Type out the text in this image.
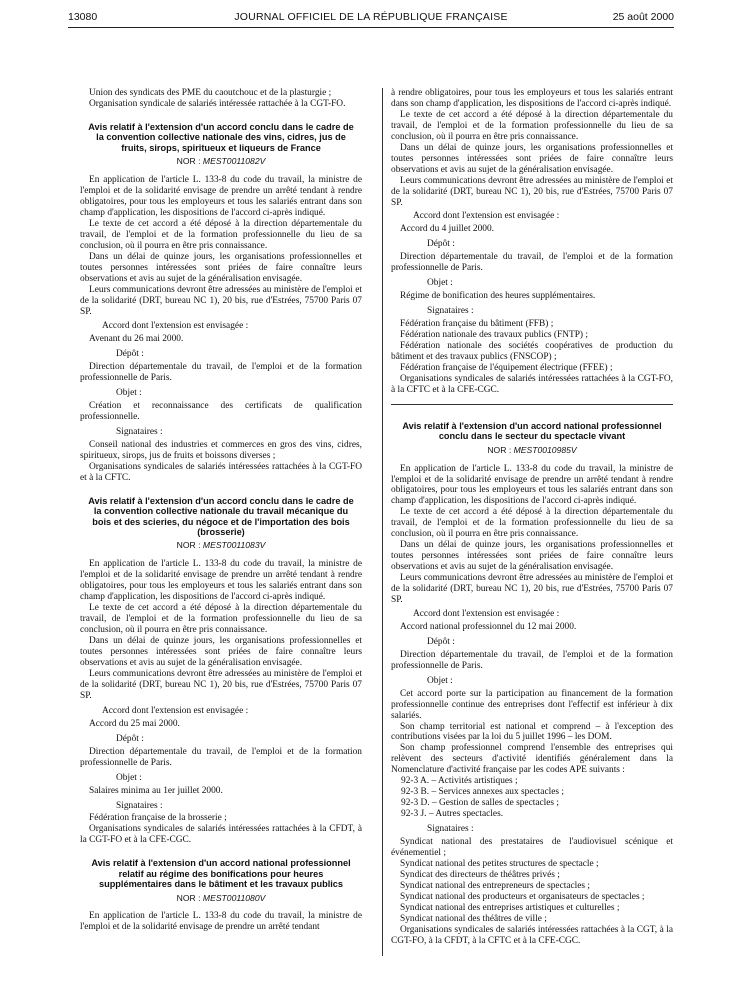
13080	JOURNAL OFFICIEL DE LA RÉPUBLIQUE FRANÇAISE	25 août 2000

Union des syndicats des PME du caoutchouc et de la plasturgie ;

Organisation syndicale de salariés intéressée rattachée à la CGT-FO.

Avis relatif à l'extension d'un accord conclu dans le cadre de la convention collective nationale des vins, cidres, jus de fruits, sirops, spiritueux et liqueurs de France
NOR : MEST0011082V

En application de l'article L. 133-8 du code du travail, la ministre de l'emploi et de la solidarité envisage de prendre un arrêté tendant à rendre obligatoires, pour tous les employeurs et tous les salariés entrant dans son champ d'application, les dispositions de l'accord ci-après indiqué.

Le texte de cet accord a été déposé à la direction départementale du travail, de l'emploi et de la formation professionnelle du lieu de sa conclusion, où il pourra en être pris connaissance.

Dans un délai de quinze jours, les organisations professionnelles et toutes personnes intéressées sont priées de faire connaître leurs observations et avis au sujet de la généralisation envisagée.

Leurs communications devront être adressées au ministère de l'emploi et de la solidarité (DRT, bureau NC 1), 20 bis, rue d'Estrées, 75700 Paris 07 SP.

Accord dont l'extension est envisagée :

Avenant du 26 mai 2000.

Dépôt :

Direction départementale du travail, de l'emploi et de la formation professionnelle de Paris.

Objet :

Création et reconnaissance des certificats de qualification professionnelle.

Signataires :

Conseil national des industries et commerces en gros des vins, cidres, spiritueux, sirops, jus de fruits et boissons diverses ;

Organisations syndicales de salariés intéressées rattachées à la CGT-FO et à la CFTC.

Avis relatif à l'extension d'un accord conclu dans le cadre de la convention collective nationale du travail mécanique du bois et des scieries, du négoce et de l'importation des bois (brosserie)
NOR : MEST0011083V

En application de l'article L. 133-8 du code du travail, la ministre de l'emploi et de la solidarité envisage de prendre un arrêté tendant à rendre obligatoires, pour tous les employeurs et tous les salariés entrant dans son champ d'application, les dispositions de l'accord ci-après indiqué.

Le texte de cet accord a été déposé à la direction départementale du travail, de l'emploi et de la formation professionnelle du lieu de sa conclusion, où il pourra en être pris connaissance.

Dans un délai de quinze jours, les organisations professionnelles et toutes personnes intéressées sont priées de faire connaître leurs observations et avis au sujet de la généralisation envisagée.

Leurs communications devront être adressées au ministère de l'emploi et de la solidarité (DRT, bureau NC 1), 20 bis, rue d'Estrées, 75700 Paris 07 SP.

Accord dont l'extension est envisagée :

Accord du 25 mai 2000.

Dépôt :

Direction départementale du travail, de l'emploi et de la formation professionnelle de Paris.

Objet :

Salaires minima au 1er juillet 2000.

Signataires :

Fédération française de la brosserie ;

Organisations syndicales de salariés intéressées rattachées à la CFDT, à la CGT-FO et à la CFE-CGC.

Avis relatif à l'extension d'un accord national professionnel relatif au régime des bonifications pour heures supplémentaires dans le bâtiment et les travaux publics
NOR : MEST0011080V

En application de l'article L. 133-8 du code du travail, la ministre de l'emploi et de la solidarité envisage de prendre un arrêté tendant

à rendre obligatoires, pour tous les employeurs et tous les salariés entrant dans son champ d'application, les dispositions de l'accord ci-après indiqué.

Le texte de cet accord a été déposé à la direction départementale du travail, de l'emploi et de la formation professionnelle du lieu de sa conclusion, où il pourra en être pris connaissance.

Dans un délai de quinze jours, les organisations professionnelles et toutes personnes intéressées sont priées de faire connaître leurs observations et avis au sujet de la généralisation envisagée.

Leurs communications devront être adressées au ministère de l'emploi et de la solidarité (DRT, bureau NC 1), 20 bis, rue d'Estrées, 75700 Paris 07 SP.

Accord dont l'extension est envisagée :

Accord du 4 juillet 2000.

Dépôt :

Direction départementale du travail, de l'emploi et de la formation professionnelle de Paris.

Objet :

Régime de bonification des heures supplémentaires.

Signataires :

Fédération française du bâtiment (FFB) ;

Fédération nationale des travaux publics (FNTP) ;

Fédération nationale des sociétés coopératives de production du bâtiment et des travaux publics (FNSCOP) ;

Fédération française de l'équipement électrique (FFEE) ;

Organisations syndicales de salariés intéressées rattachées à la CGT-FO, à la CFTC et à la CFE-CGC.

Avis relatif à l'extension d'un accord national professionnel conclu dans le secteur du spectacle vivant
NOR : MEST0010985V

En application de l'article L. 133-8 du code du travail, la ministre de l'emploi et de la solidarité envisage de prendre un arrêté tendant à rendre obligatoires, pour tous les employeurs et tous les salariés entrant dans son champ d'application, les dispositions de l'accord ci-après indiqué.

Le texte de cet accord a été déposé à la direction départementale du travail, de l'emploi et de la formation professionnelle du lieu de sa conclusion, où il pourra en être pris connaissance.

Dans un délai de quinze jours, les organisations professionnelles et toutes personnes intéressées sont priées de faire connaître leurs observations et avis au sujet de la généralisation envisagée.

Leurs communications devront être adressées au ministère de l'emploi et de la solidarité (DRT, bureau NC 1), 20 bis, rue d'Estrées, 75700 Paris 07 SP.

Accord dont l'extension est envisagée :

Accord national professionnel du 12 mai 2000.

Dépôt :

Direction départementale du travail, de l'emploi et de la formation professionnelle de Paris.

Objet :

Cet accord porte sur la participation au financement de la formation professionnelle continue des entreprises dont l'effectif est inférieur à dix salariés.

Son champ territorial est national et comprend – à l'exception des contributions visées par la loi du 5 juillet 1996 – les DOM.

Son champ professionnel comprend l'ensemble des entreprises qui relèvent des secteurs d'activité identifiés généralement dans la Nomenclature d'activité française par les codes APE suivants :

92-3 A. – Activités artistiques ;

92-3 B. – Services annexes aux spectacles ;

92-3 D. – Gestion de salles de spectacles ;

92-3 J. – Autres spectacles.

Signataires :

Syndicat national des prestataires de l'audiovisuel scénique et événementiel ;

Syndicat national des petites structures de spectacle ;

Syndicat des directeurs de théâtres privés ;

Syndicat national des entrepreneurs de spectacles ;

Syndicat national des producteurs et organisateurs de spectacles ;

Syndicat national des entreprises artistiques et culturelles ;

Syndicat national des théâtres de ville ;

Organisations syndicales de salariés intéressées rattachées à la CGT, à la CGT-FO, à la CFDT, à la CFTC et à la CFE-CGC.
